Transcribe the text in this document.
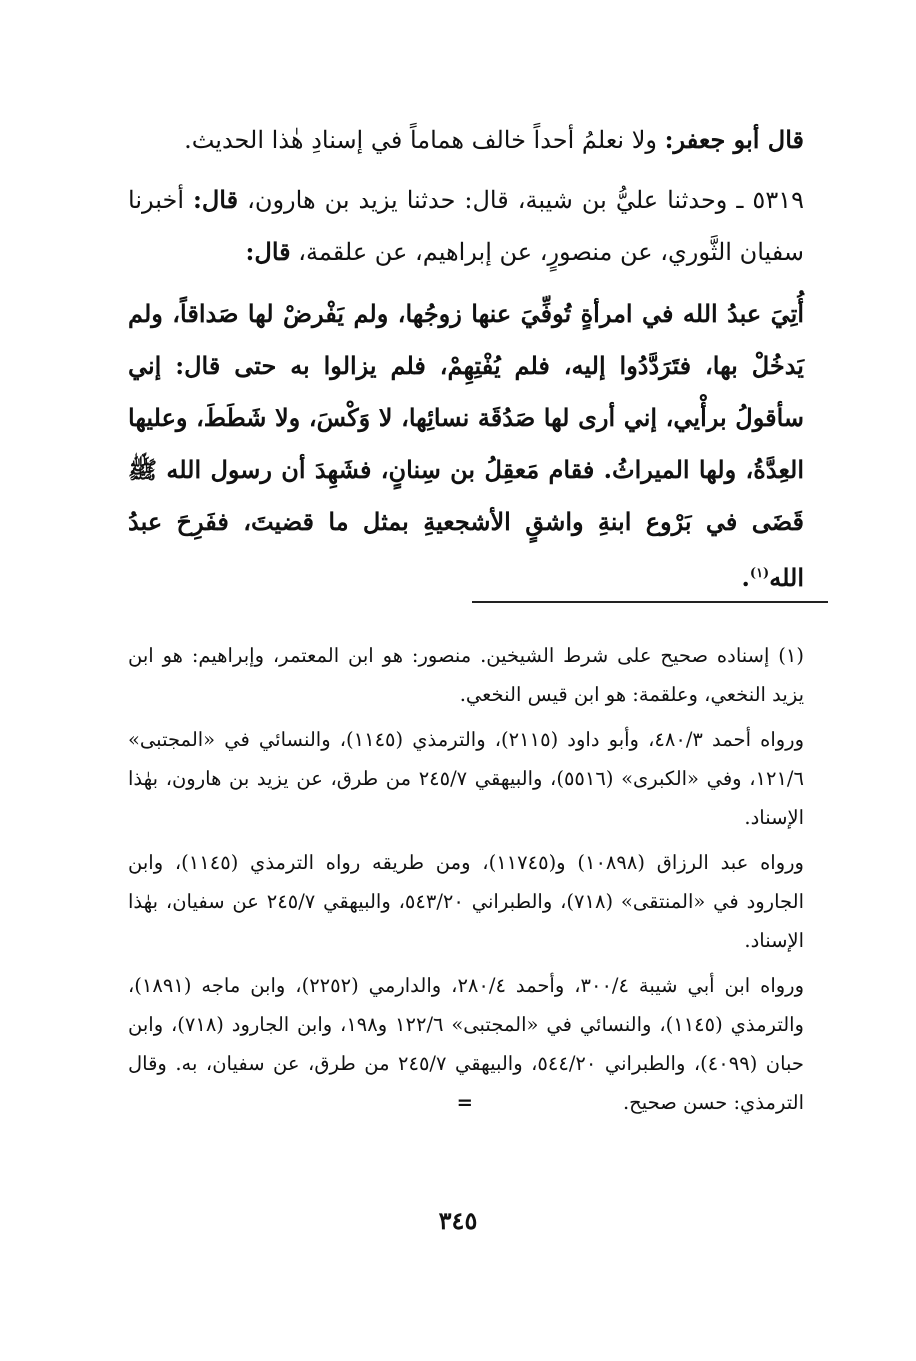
قال أبو جعفر: ولا نعلمُ أحداً خالف هماماً في إسنادِ هٰذا الحديث.

٥٣١٩ ـ وحدثنا عليُّ بن شيبة، قال: حدثنا يزيد بن هارون، قال: أخبرنا سفيان الثَّوري، عن منصورٍ، عن إبراهيم، عن علقمة، قال:

أُتِيَ عبدُ الله في امرأةٍ تُوفِّيَ عنها زوجُها، ولم يَفْرضْ لها صَداقاً، ولم يَدخُلْ بها، فتَرَدَّدُوا إليه، فلم يُفْتِهِمْ، فلم يزالوا به حتى قال: إني سأقولُ برأْيي، إني أرى لها صَدُقَة نسائِها، لا وَكْسَ، ولا شَطَطَ، وعليها العِدَّةُ، ولها الميراثُ. فقام مَعقِلُ بن سِنانٍ، فشَهِدَ أن رسول الله ﷺ قَضَى في بَرْوع ابنةِ واشقٍ الأشجعيةِ بمثل ما قضيتَ، ففَرِحَ عبدُ الله$^{(١)}$.

(١) إسناده صحيح على شرط الشيخين. منصور: هو ابن المعتمر، وإبراهيم: هو ابن يزيد النخعي، وعلقمة: هو ابن قيس النخعي.

ورواه أحمد ٤٨٠/٣، وأبو داود (٢١١٥)، والترمذي (١١٤٥)، والنسائي في «المجتبى» ١٢١/٦، وفي «الكبرى» (٥٥١٦)، والبيهقي ٢٤٥/٧ من طرق، عن يزيد بن هارون، بهٰذا الإسناد.

ورواه عبد الرزاق (١٠٨٩٨) و(١١٧٤٥)، ومن طريقه رواه الترمذي (١١٤٥)، وابن الجارود في «المنتقى» (٧١٨)، والطبراني ٥٤٣/٢٠، والبيهقي ٢٤٥/٧ عن سفيان، بهٰذا الإسناد.

ورواه ابن أبي شيبة ٣٠٠/٤، وأحمد ٢٨٠/٤، والدارمي (٢٢٥٢)، وابن ماجه (١٨٩١)، والترمذي (١١٤٥)، والنسائي في «المجتبى» ١٢٢/٦ و١٩٨، وابن الجارود (٧١٨)، وابن حبان (٤٠٩٩)، والطبراني ٥٤٤/٢٠، والبيهقي ٢٤٥/٧ من طرق، عن سفيان، به. وقال الترمذي: حسن صحيح.=

٣٤٥
